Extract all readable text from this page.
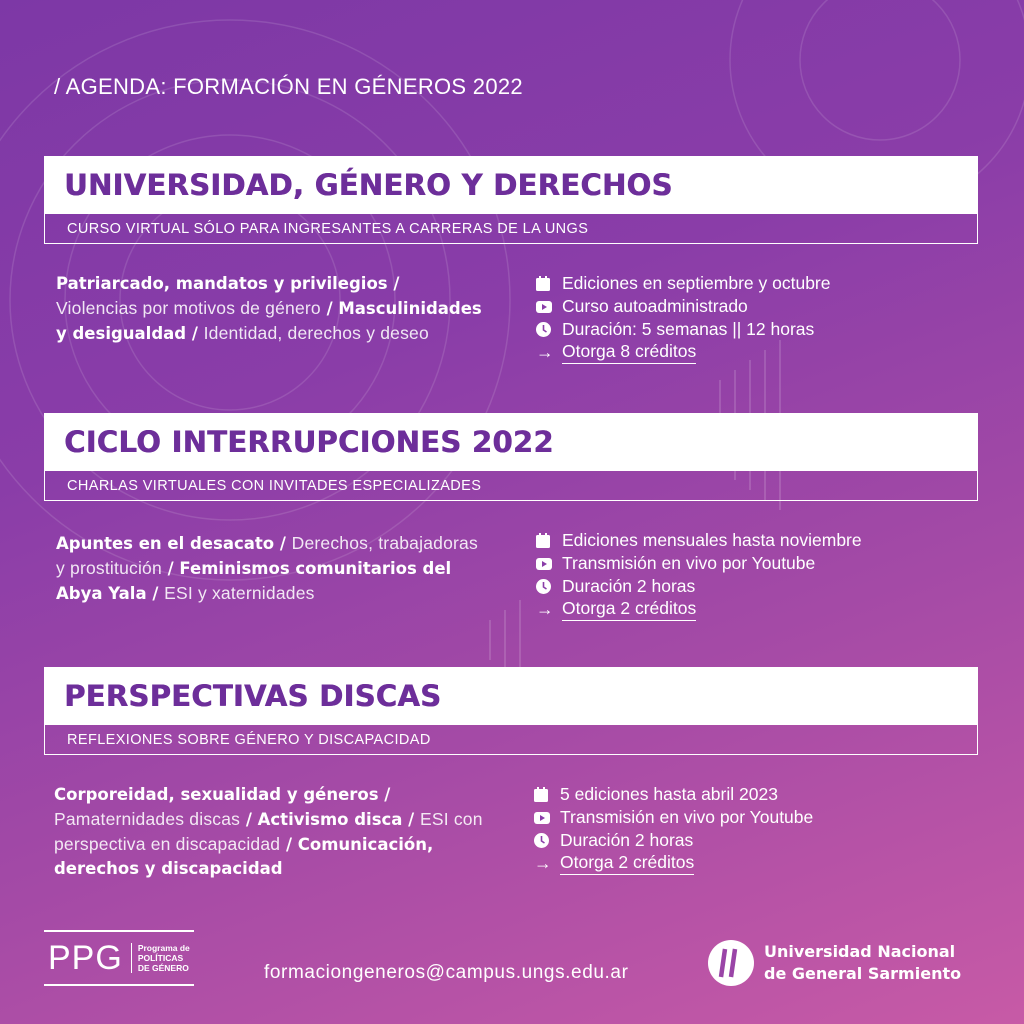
/ AGENDA: FORMACIÓN EN GÉNEROS 2022
UNIVERSIDAD, GÉNERO Y DERECHOS
CURSO VIRTUAL SÓLO PARA INGRESANTES A CARRERAS DE LA UNGS
Patriarcado, mandatos y privilegios / Violencias por motivos de género / Masculinidades y desigualdad / Identidad, derechos y deseo
Ediciones en septiembre y octubre
Curso autoadministrado
Duración: 5 semanas || 12 horas
→ Otorga 8 créditos
CICLO INTERRUPCIONES 2022
CHARLAS VIRTUALES CON INVITADES ESPECIALIZADES
Apuntes en el desacato / Derechos, trabajadoras y prostitución / Feminismos comunitarios del Abya Yala / ESI y xaternidades
Ediciones mensuales hasta noviembre
Transmisión en vivo por Youtube
Duración 2 horas
→ Otorga 2 créditos
PERSPECTIVAS DISCAS
REFLEXIONES SOBRE GÉNERO Y DISCAPACIDAD
Corporeidad, sexualidad y géneros / Pamaternidades discas / Activismo disca / ESI con perspectiva en discapacidad / Comunicación, derechos y discapacidad
5 ediciones hasta abril 2023
Transmisión en vivo por Youtube
Duración 2 horas
→ Otorga 2 créditos
PPG Programa de
POLÍTICAS
DE GÉNERO	formaciongeneros@campus.ungs.edu.ar
Universidad Nacional
de General Sarmiento
